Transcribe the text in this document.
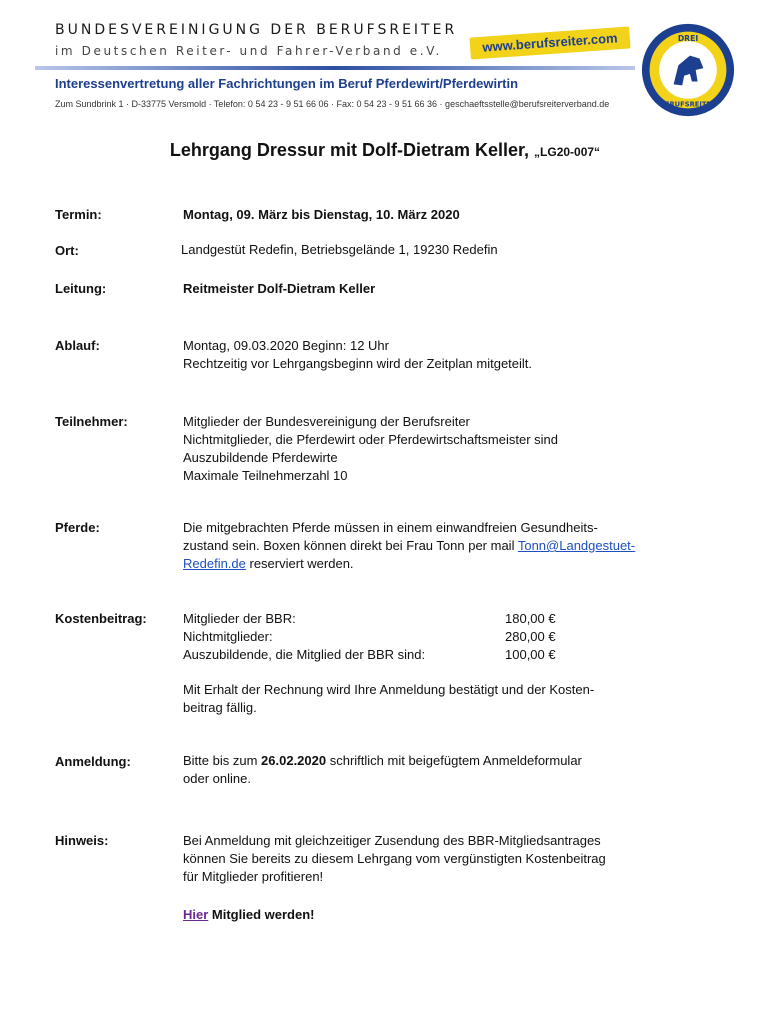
BUNDESVEREINIGUNG DER BERUFSREITER
im Deutschen Reiter- und Fahrer-Verband e.V.	www.berufsreiter.com
Interessenvertretung aller Fachrichtungen im Beruf Pferdewirt/Pferdewirtin
Zum Sundbrink 1 · D-33775 Versmold · Telefon: 0 54 23 - 9 51 66 06 · Fax: 0 54 23 - 9 51 66 36 · geschaeftsstelle@berufsreiterverband.de
DREI
BERUFSREITER
Lehrgang Dressur mit Dolf-Dietram Keller, „LG20-007“
Termin:	Montag, 09. März bis Dienstag, 10. März 2020
Ort:	Landgestüt Redefin, Betriebsgelände 1, 19230 Redefin
Leitung:	Reitmeister Dolf-Dietram Keller
Ablauf:	Montag, 09.03.2020 Beginn: 12 Uhr
Rechtzeitig vor Lehrgangsbeginn wird der Zeitplan mitgeteilt.
Teilnehmer:	Mitglieder der Bundesvereinigung der Berufsreiter
Nichtmitglieder, die Pferdewirt oder Pferdewirtschaftsmeister sind
Auszubildende Pferdewirte
Maximale Teilnehmerzahl 10
Pferde:	Die mitgebrachten Pferde müssen in einem einwandfreien Gesundheits-
zustand sein. Boxen können direkt bei Frau Tonn per mail Tonn@Landgestuet-
Redefin.de reserviert werden.
Kostenbeitrag:	Mitglieder der BBR:	180,00 €
Nichtmitglieder:	280,00 €
Auszubildende, die Mitglied der BBR sind:	100,00 €
Mit Erhalt der Rechnung wird Ihre Anmeldung bestätigt und der Kosten-
beitrag fällig.
Anmeldung:	Bitte bis zum 26.02.2020 schriftlich mit beigefügtem Anmeldeformular
oder online.
Hinweis:	Bei Anmeldung mit gleichzeitiger Zusendung des BBR-Mitgliedsantrages
können Sie bereits zu diesem Lehrgang vom vergünstigten Kostenbeitrag
für Mitglieder profitieren!
Hier Mitglied werden!
